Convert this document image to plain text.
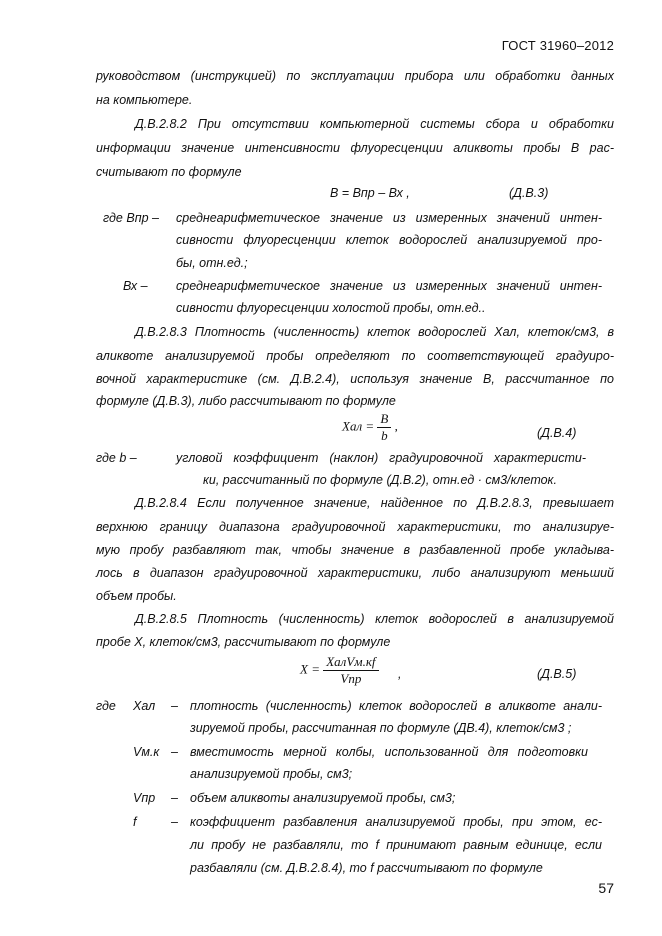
ГОСТ 31960–2012
руководством (инструкцией) по эксплуатации прибора или обработки данных
на компьютере.
Д.В.2.8.2 При отсутствии компьютерной системы сбора и обработки
информации значение интенсивности флуоресценции аликвоты пробы В рас-
считывают по формуле
В = Впр – Вх ,	(Д.В.3)
где Впр – среднеарифметическое значение из измеренных значений интен-
сивности флуоресценции клеток водорослей анализируемой про-
бы, отн.ед.;
Вх – среднеарифметическое значение из измеренных значений интен-
сивности флуоресценции холостой пробы, отн.ед..
Д.В.2.8.3 Плотность (численность) клеток водорослей Хал, клеток/см3, в
аликвоте анализируемой пробы определяют по соответствующей градуиро-
вочной характеристике (см. Д.В.2.4), используя значение В, рассчитанное по
формуле (Д.В.3), либо рассчитывают по формуле
Xал = $\frac{B}{b}$ ,	(Д.В.4)
где b –	угловой коэффициент (наклон) градуировочной характеристи-
ки, рассчитанный по формуле (Д.В.2), отн.ед · см3/клеток.
Д.В.2.8.4 Если полученное значение, найденное по Д.В.2.8.3, превышает
верхнюю границу диапазона градуировочной характеристики, то анализируе-
мую пробу разбавляют так, чтобы значение в разбавленной пробе укладыва-
лось в диапазон градуировочной характеристики, либо анализируют меньший
объем пробы.
Д.В.2.8.5 Плотность (численность) клеток водорослей в анализируемой
пробе Х, клеток/см3, рассчитывают по формуле
$X = \frac{\text{XалVм.кf}}{\text{Vпр}}$ ,	(Д.В.5)
где Хал – плотность (численность) клеток водорослей в аликвоте анали-
зируемой пробы, рассчитанная по формуле (ДВ.4), клеток/см3 ;
Vм.к – вместимость мерной колбы, использованной для подготовки
анализируемой пробы, см3;
Vпр – объем аликвоты анализируемой пробы, см3;
f	– коэффициент разбавления анализируемой пробы, при этом, ес-
ли пробу не разбавляли, то f принимают равным единице, если
разбавляли (см. Д.В.2.8.4), то f рассчитывают по формуле
57
